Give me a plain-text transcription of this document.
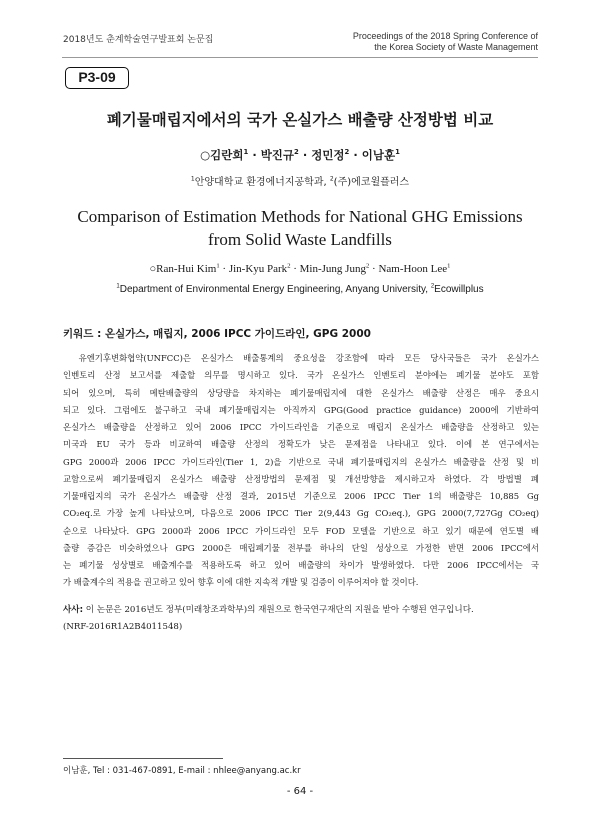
2018년도 춘계학술연구발표회 논문집	Proceedings of the 2018 Spring Conference of
the Korea Society of Waste Management
P3-09
폐기물매립지에서의 국가 온실가스 배출량 산정방법 비교
○김란희$^1$ · 박진규$^2$ · 정민정$^2$ · 이남훈$^1$
$^1$안양대학교 환경에너지공학과, $^2$(주)에코윌플러스
Comparison of Estimation Methods for National GHG Emissions
from Solid Waste Landfills
○Ran-Hui Kim$^1$ · Jin-Kyu Park$^2$ · Min-Jung Jung$^2$ · Nam-Hoon Lee$^1$
$^1$Department of Environmental Energy Engineering, Anyang University, $^2$Ecowillplus
키워드 : 온실가스, 매립지, 2006 IPCC 가이드라인, GPG 2000
　유엔기후변화협약(UNFCC)은 온실가스 배출통계의 중요성을 강조함에 따라 모든 당사국들은 국가 온실가스
인벤토리 산정 보고서를 제출할 의무를 명시하고 있다. 국가 온실가스 인벤토리 분야에는 폐기물 분야도 포함
되어 있으며, 특히 메탄배출량의 상당량을 차지하는 폐기물매립지에 대한 온실가스 배출량 산정은 매우 중요시
되고 있다. 그럼에도 불구하고 국내 폐기물매립지는 아직까지 GPG(Good practice guidance) 2000에 기반하여
온실가스 배출량을 산정하고 있어 2006 IPCC 가이드라인을 기준으로 매립지 온실가스 배출량을 산정하고 있는
미국과 EU 국가 등과 비교하여 배출량 산정의 정확도가 낮은 문제점을 나타내고 있다. 이에 본 연구에서는
GPG 2000과 2006 IPCC 가이드라인(Tier 1, 2)을 기반으로 국내 폐기물매립지의 온실가스 배출량을 산정 및 비
교함으로써 폐기물매립지 온실가스 배출량 산정방법의 문제점 및 개선방향을 제시하고자 하였다. 각 방법별 폐
기물매립지의 국가 온실가스 배출량 산정 결과, 2015년 기준으로 2006 IPCC Tier 1의 배출량은 10,885 Gg
CO₂eq.로 가장 높게 나타났으며, 다음으로 2006 IPCC Tier 2(9,443 Gg CO₂eq.), GPG 2000(7,727Gg CO₂eq)
순으로 나타났다. GPG 2000과 2006 IPCC 가이드라인 모두 FOD 모델을 기반으로 하고 있기 때문에 연도별 배
출량 증감은 비슷하였으나 GPG 2000은 매립폐기물 전부를 하나의 단일 성상으로 가정한 반면 2006 IPCC에서
는 폐기물 성상별로 배출계수를 적용하도록 하고 있어 배출량의 차이가 발생하였다. 다만 2006 IPCC에서는 국
가 배출계수의 적용을 권고하고 있어 향후 이에 대한 지속적 개발 및 검증이 이루어져야 할 것이다.
사사: 이 논문은 2016년도 정부(미래창조과학부)의 재원으로 한국연구재단의 지원을 받아 수행된 연구입니다.
(NRF-2016R1A2B4011548)
이남훈, Tel : 031-467-0891, E-mail : nhlee@anyang.ac.kr
- 64 -
